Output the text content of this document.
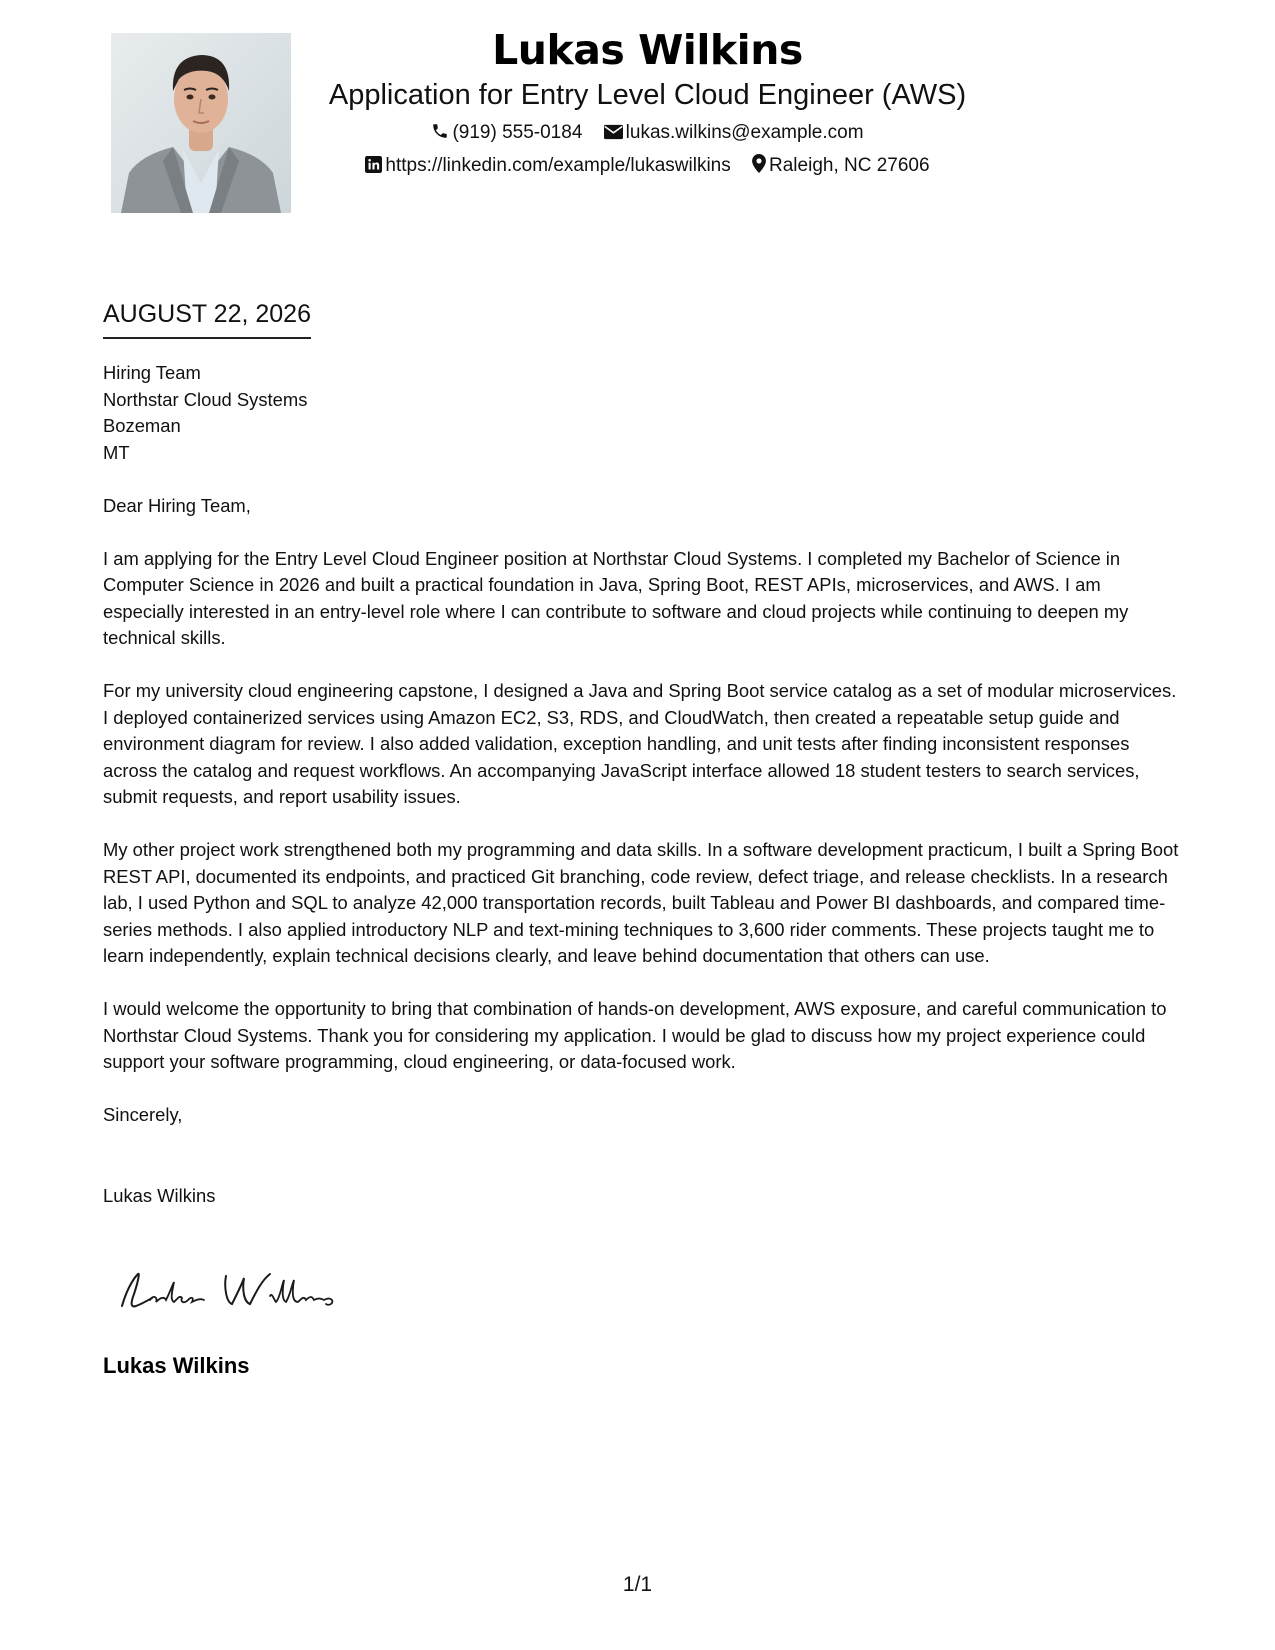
Lukas Wilkins
Application for Entry Level Cloud Engineer (AWS)
(919) 555-0184 lukas.wilkins@example.com
https://linkedin.com/example/lukaswilkins Raleigh, NC 27606
AUGUST 22, 2026

Hiring Team
Northstar Cloud Systems
Bozeman
MT

Dear Hiring Team,

I am applying for the Entry Level Cloud Engineer position at Northstar Cloud Systems. I completed my Bachelor of Science in Computer Science in 2026 and built a practical foundation in Java, Spring Boot, REST APIs, microservices, and AWS. I am especially interested in an entry-level role where I can contribute to software and cloud projects while continuing to deepen my technical skills.

For my university cloud engineering capstone, I designed a Java and Spring Boot service catalog as a set of modular microservices. I deployed containerized services using Amazon EC2, S3, RDS, and CloudWatch, then created a repeatable setup guide and environment diagram for review. I also added validation, exception handling, and unit tests after finding inconsistent responses across the catalog and request workflows. An accompanying JavaScript interface allowed 18 student testers to search services, submit requests, and report usability issues.

My other project work strengthened both my programming and data skills. In a software development practicum, I built a Spring Boot REST API, documented its endpoints, and practiced Git branching, code review, defect triage, and release checklists. In a research lab, I used Python and SQL to analyze 42,000 transportation records, built Tableau and Power BI dashboards, and compared time-series methods. I also applied introductory NLP and text-mining techniques to 3,600 rider comments. These projects taught me to learn independently, explain technical decisions clearly, and leave behind documentation that others can use.

I would welcome the opportunity to bring that combination of hands-on development, AWS exposure, and careful communication to Northstar Cloud Systems. Thank you for considering my application. I would be glad to discuss how my project experience could support your software programming, cloud engineering, or data-focused work.

Sincerely,

Lukas Wilkins

Lukas Wilkins
1/1
